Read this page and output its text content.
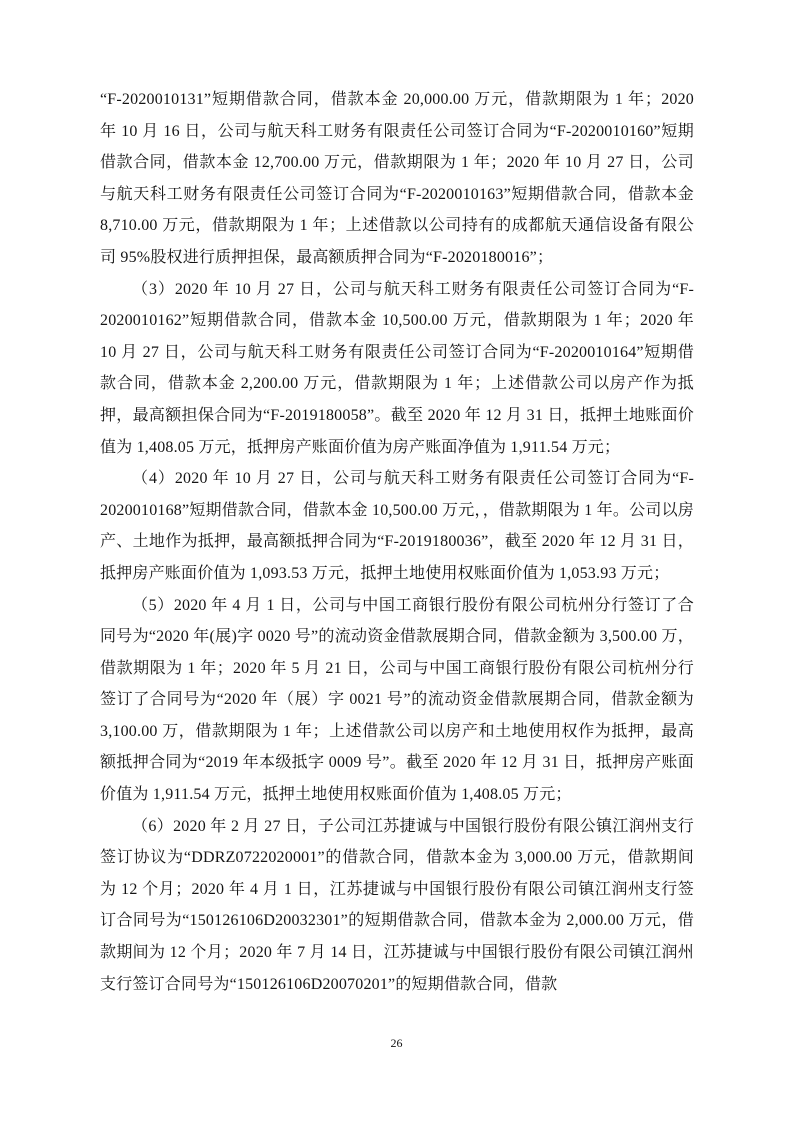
“F-2020010131”短期借款合同，借款本金 20,000.00 万元，借款期限为 1 年；2020 年 10 月 16 日，公司与航天科工财务有限责任公司签订合同为“F-2020010160”短期借款合同，借款本金 12,700.00 万元，借款期限为 1 年；2020 年 10 月 27 日，公司与航天科工财务有限责任公司签订合同为“F-2020010163”短期借款合同，借款本金 8,710.00 万元，借款期限为 1 年；上述借款以公司持有的成都航天通信设备有限公司 95%股权进行质押担保，最高额质押合同为“F-2020180016”；

（3）2020 年 10 月 27 日，公司与航天科工财务有限责任公司签订合同为“F-2020010162”短期借款合同，借款本金 10,500.00 万元，借款期限为 1 年；2020 年 10 月 27 日，公司与航天科工财务有限责任公司签订合同为“F-2020010164”短期借款合同，借款本金 2,200.00 万元，借款期限为 1 年；上述借款公司以房产作为抵押，最高额担保合同为“F-2019180058”。截至 2020 年 12 月 31 日，抵押土地账面价值为 1,408.05 万元，抵押房产账面价值为房产账面净值为 1,911.54 万元；

（4）2020 年 10 月 27 日，公司与航天科工财务有限责任公司签订合同为“F-2020010168”短期借款合同，借款本金 10,500.00 万元，，借款期限为 1 年。公司以房产、土地作为抵押，最高额抵押合同为“F-2019180036”，截至 2020 年 12 月 31 日，抵押房产账面价值为 1,093.53 万元，抵押土地使用权账面价值为 1,053.93 万元；

（5）2020 年 4 月 1 日，公司与中国工商银行股份有限公司杭州分行签订了合同号为“2020 年(展)字 0020 号”的流动资金借款展期合同，借款金额为 3,500.00 万，借款期限为 1 年；2020 年 5 月 21 日，公司与中国工商银行股份有限公司杭州分行签订了合同号为“2020 年（展）字 0021 号”的流动资金借款展期合同，借款金额为 3,100.00 万，借款期限为 1 年；上述借款公司以房产和土地使用权作为抵押，最高额抵押合同为“2019 年本级抵字 0009 号”。截至 2020 年 12 月 31 日，抵押房产账面价值为 1,911.54 万元，抵押土地使用权账面价值为 1,408.05 万元；

（6）2020 年 2 月 27 日，子公司江苏捷诚与中国银行股份有限公镇江润州支行签订协议为“DDRZ0722020001”的借款合同，借款本金为 3,000.00 万元，借款期间为 12 个月；2020 年 4 月 1 日，江苏捷诚与中国银行股份有限公司镇江润州支行签订合同号为“150126106D20032301”的短期借款合同，借款本金为 2,000.00 万元，借款期间为 12 个月；2020 年 7 月 14 日，江苏捷诚与中国银行股份有限公司镇江润州支行签订合同号为“150126106D20070201”的短期借款合同，借款

26
